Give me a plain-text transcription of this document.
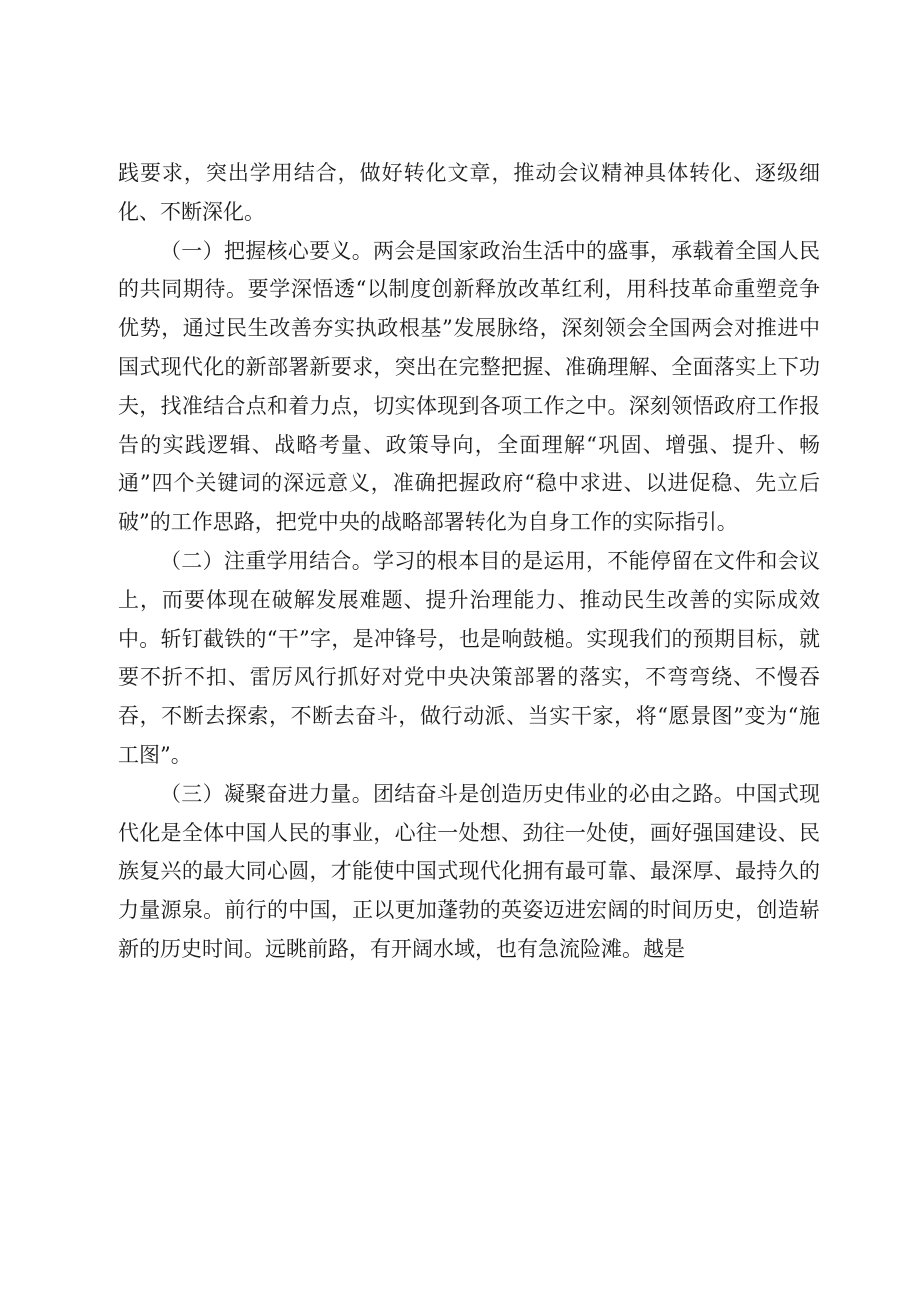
践要求，突出学用结合，做好转化文章，推动会议精神具体转化、逐级细化、不断深化。

（一）把握核心要义。两会是国家政治生活中的盛事，承载着全国人民的共同期待。要学深悟透“以制度创新释放改革红利，用科技革命重塑竞争优势，通过民生改善夯实执政根基”发展脉络，深刻领会全国两会对推进中国式现代化的新部署新要求，突出在完整把握、准确理解、全面落实上下功夫，找准结合点和着力点，切实体现到各项工作之中。深刻领悟政府工作报告的实践逻辑、战略考量、政策导向，全面理解“巩固、增强、提升、畅通”四个关键词的深远意义，准确把握政府“稳中求进、以进促稳、先立后破”的工作思路，把党中央的战略部署转化为自身工作的实际指引。

（二）注重学用结合。学习的根本目的是运用，不能停留在文件和会议上，而要体现在破解发展难题、提升治理能力、推动民生改善的实际成效中。斩钉截铁的“干”字，是冲锋号，也是响鼓槌。实现我们的预期目标，就要不折不扣、雷厉风行抓好对党中央决策部署的落实，不弯弯绕、不慢吞吞，不断去探索，不断去奋斗，做行动派、当实干家，将“愿景图”变为“施工图”。

（三）凝聚奋进力量。团结奋斗是创造历史伟业的必由之路。中国式现代化是全体中国人民的事业，心往一处想、劲往一处使，画好强国建设、民族复兴的最大同心圆，才能使中国式现代化拥有最可靠、最深厚、最持久的力量源泉。前行的中国，正以更加蓬勃的英姿迈进宏阔的时间历史，创造崭新的历史时间。远眺前路，有开阔水域，也有急流险滩。越是
